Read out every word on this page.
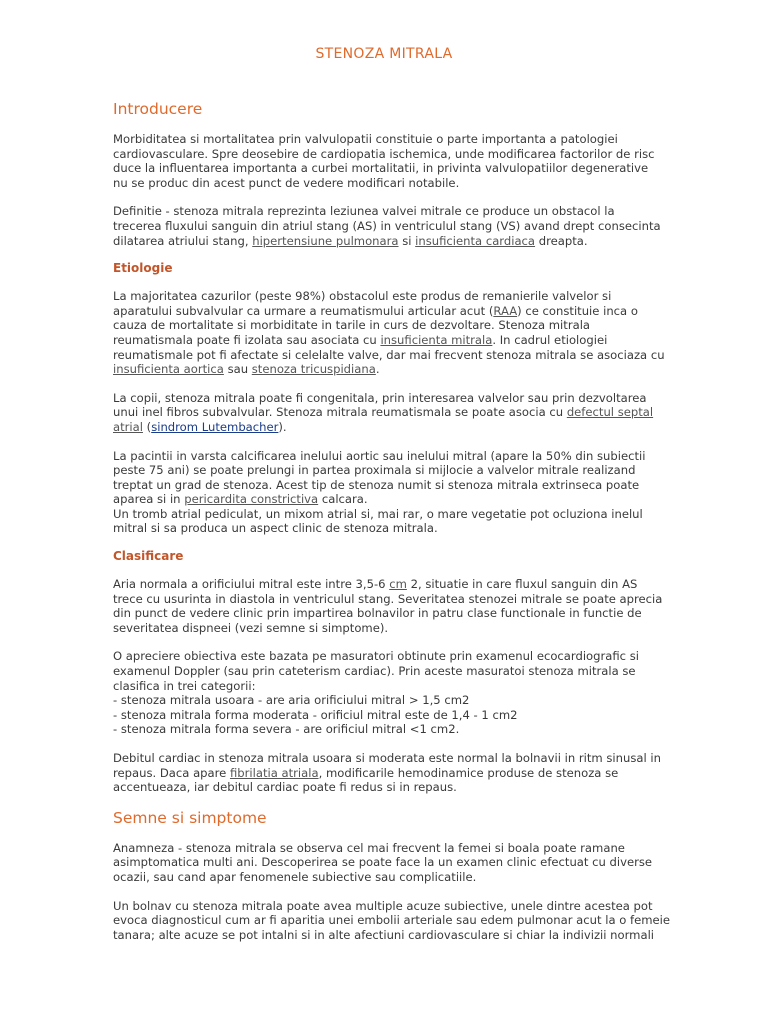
STENOZA MITRALA
Introducere

Morbiditatea si mortalitatea prin valvulopatii constituie o parte importanta a patologiei
cardiovasculare. Spre deosebire de cardiopatia ischemica, unde modificarea factorilor de risc
duce la influentarea importanta a curbei mortalitatii, in privinta valvulopatiilor degenerative
nu se produc din acest punct de vedere modificari notabile.

Definitie - stenoza mitrala reprezinta leziunea valvei mitrale ce produce un obstacol la
trecerea fluxului sanguin din atriul stang (AS) in ventriculul stang (VS) avand drept consecinta
dilatarea atriului stang, hipertensiune pulmonara si insuficienta cardiaca dreapta.

Etiologie

La majoritatea cazurilor (peste 98%) obstacolul este produs de remanierile valvelor si
aparatului subvalvular ca urmare a reumatismului articular acut (RAA) ce constituie inca o
cauza de mortalitate si morbiditate in tarile in curs de dezvoltare. Stenoza mitrala
reumatismala poate fi izolata sau asociata cu insuficienta mitrala. In cadrul etiologiei
reumatismale pot fi afectate si celelalte valve, dar mai frecvent stenoza mitrala se asociaza cu
insuficienta aortica sau stenoza tricuspidiana.

La copii, stenoza mitrala poate fi congenitala, prin interesarea valvelor sau prin dezvoltarea
unui inel fibros subvalvular. Stenoza mitrala reumatismala se poate asocia cu defectul septal
atrial (sindrom Lutembacher).

La pacintii in varsta calcificarea inelului aortic sau inelului mitral (apare la 50% din subiectii
peste 75 ani) se poate prelungi in partea proximala si mijlocie a valvelor mitrale realizand
treptat un grad de stenoza. Acest tip de stenoza numit si stenoza mitrala extrinseca poate
aparea si in pericardita constrictiva calcara.
Un tromb atrial pediculat, un mixom atrial si, mai rar, o mare vegetatie pot ocluziona inelul
mitral si sa produca un aspect clinic de stenoza mitrala.

Clasificare

Aria normala a orificiului mitral este intre 3,5-6 cm 2, situatie in care fluxul sanguin din AS
trece cu usurinta in diastola in ventriculul stang. Severitatea stenozei mitrale se poate aprecia
din punct de vedere clinic prin impartirea bolnavilor in patru clase functionale in functie de
severitatea dispneei (vezi semne si simptome).

O apreciere obiectiva este bazata pe masuratori obtinute prin examenul ecocardiografic si
examenul Doppler (sau prin cateterism cardiac). Prin aceste masuratoi stenoza mitrala se
clasifica in trei categorii:
- stenoza mitrala usoara - are aria orificiului mitral > 1,5 cm2
- stenoza mitrala forma moderata - orificiul mitral este de 1,4 - 1 cm2
- stenoza mitrala forma severa - are orificiul mitral <1 cm2.

Debitul cardiac in stenoza mitrala usoara si moderata este normal la bolnavii in ritm sinusal in
repaus. Daca apare fibrilatia atriala, modificarile hemodinamice produse de stenoza se
accentueaza, iar debitul cardiac poate fi redus si in repaus.

Semne si simptome

Anamneza - stenoza mitrala se observa cel mai frecvent la femei si boala poate ramane
asimptomatica multi ani. Descoperirea se poate face la un examen clinic efectuat cu diverse
ocazii, sau cand apar fenomenele subiective sau complicatiile.

Un bolnav cu stenoza mitrala poate avea multiple acuze subiective, unele dintre acestea pot
evoca diagnosticul cum ar fi aparitia unei embolii arteriale sau edem pulmonar acut la o femeie
tanara; alte acuze se pot intalni si in alte afectiuni cardiovasculare si chiar la indivizii normali
